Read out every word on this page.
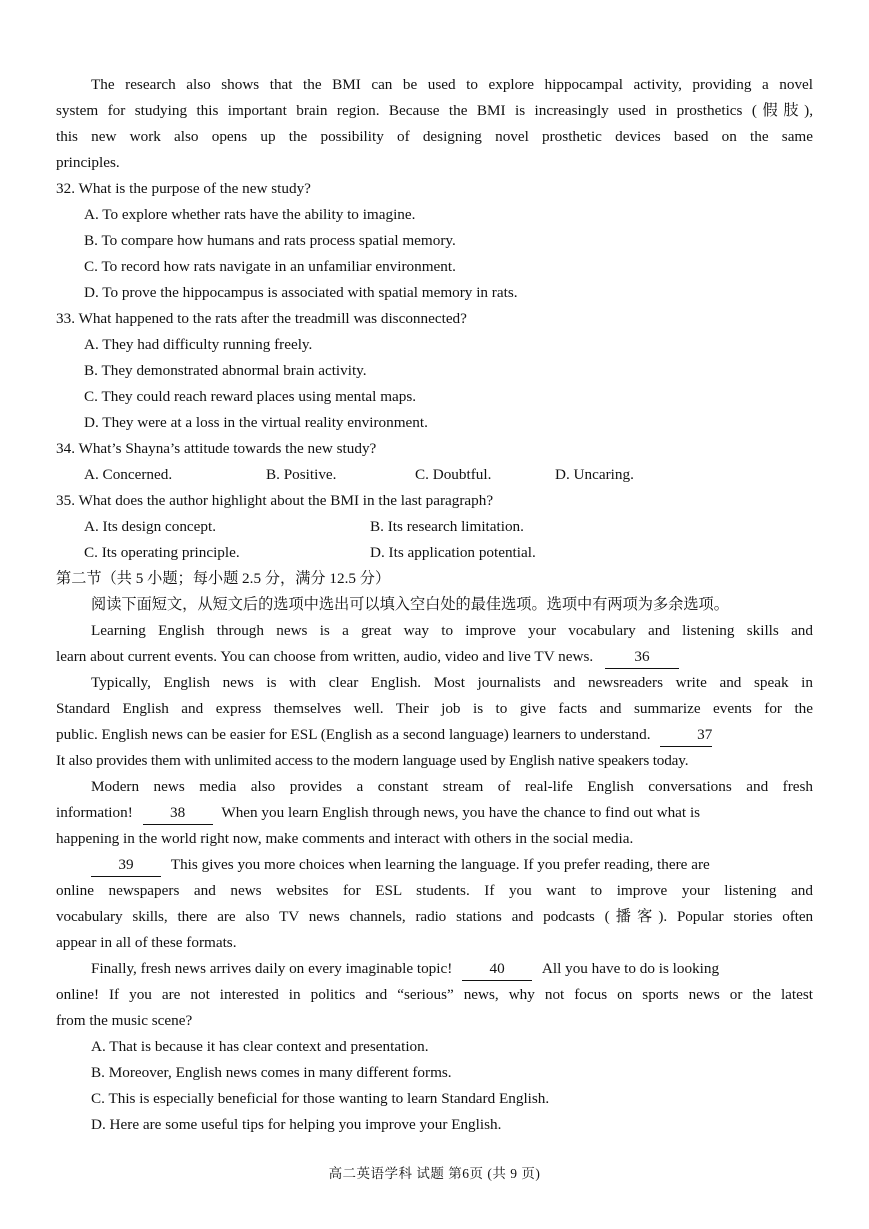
The research also shows that the BMI can be used to explore hippocampal activity, providing a novel
system for studying this important brain region. Because the BMI is increasingly used in prosthetics (假肢),
this new work also opens up the possibility of designing novel prosthetic devices based on the same
principles.
32. What is the purpose of the new study?
A. To explore whether rats have the ability to imagine.
B. To compare how humans and rats process spatial memory.
C. To record how rats navigate in an unfamiliar environment.
D. To prove the hippocampus is associated with spatial memory in rats.
33. What happened to the rats after the treadmill was disconnected?
A. They had difficulty running freely.
B. They demonstrated abnormal brain activity.
C. They could reach reward places using mental maps.
D. They were at a loss in the virtual reality environment.
34. What’s Shayna’s attitude towards the new study?
A. Concerned.	B. Positive.	C. Doubtful.	D. Uncaring.
35. What does the author highlight about the BMI in the last paragraph?
A. Its design concept.	B. Its research limitation.
C. Its operating principle.	D. Its application potential.
第二节（共 5 小题；每小题 2.5 分，满分 12.5 分）
阅读下面短文，从短文后的选项中选出可以填入空白处的最佳选项。选项中有两项为多余选项。
Learning English through news is a great way to improve your vocabulary and listening skills and
learn about current events. You can choose from written, audio, video and live TV news.	36
Typically, English news is with clear English. Most journalists and newsreaders write and speak in
Standard English and express themselves well. Their job is to give facts and summarize events for the
public. English news can be easier for ESL (English as a second language) learners to understand.	37
It also provides them with unlimited access to the modern language used by English native speakers today.
Modern news media also provides a constant stream of real-life English conversations and fresh
information! 38 When you learn English through news, you have the chance to find out what is
happening in the world right now, make comments and interact with others in the social media.
39 This gives you more choices when learning the language. If you prefer reading, there are
online newspapers and news websites for ESL students. If you want to improve your listening and
vocabulary skills, there are also TV news channels, radio stations and podcasts (播客). Popular stories often
appear in all of these formats.
Finally, fresh news arrives daily on every imaginable topic! 40 All you have to do is looking
online! If you are not interested in politics and “serious” news, why not focus on sports news or the latest
from the music scene?
A. That is because it has clear context and presentation.
B. Moreover, English news comes in many different forms.
C. This is especially beneficial for those wanting to learn Standard English.
D. Here are some useful tips for helping you improve your English.
高二英语学科 试题 第6页 (共 9 页)
